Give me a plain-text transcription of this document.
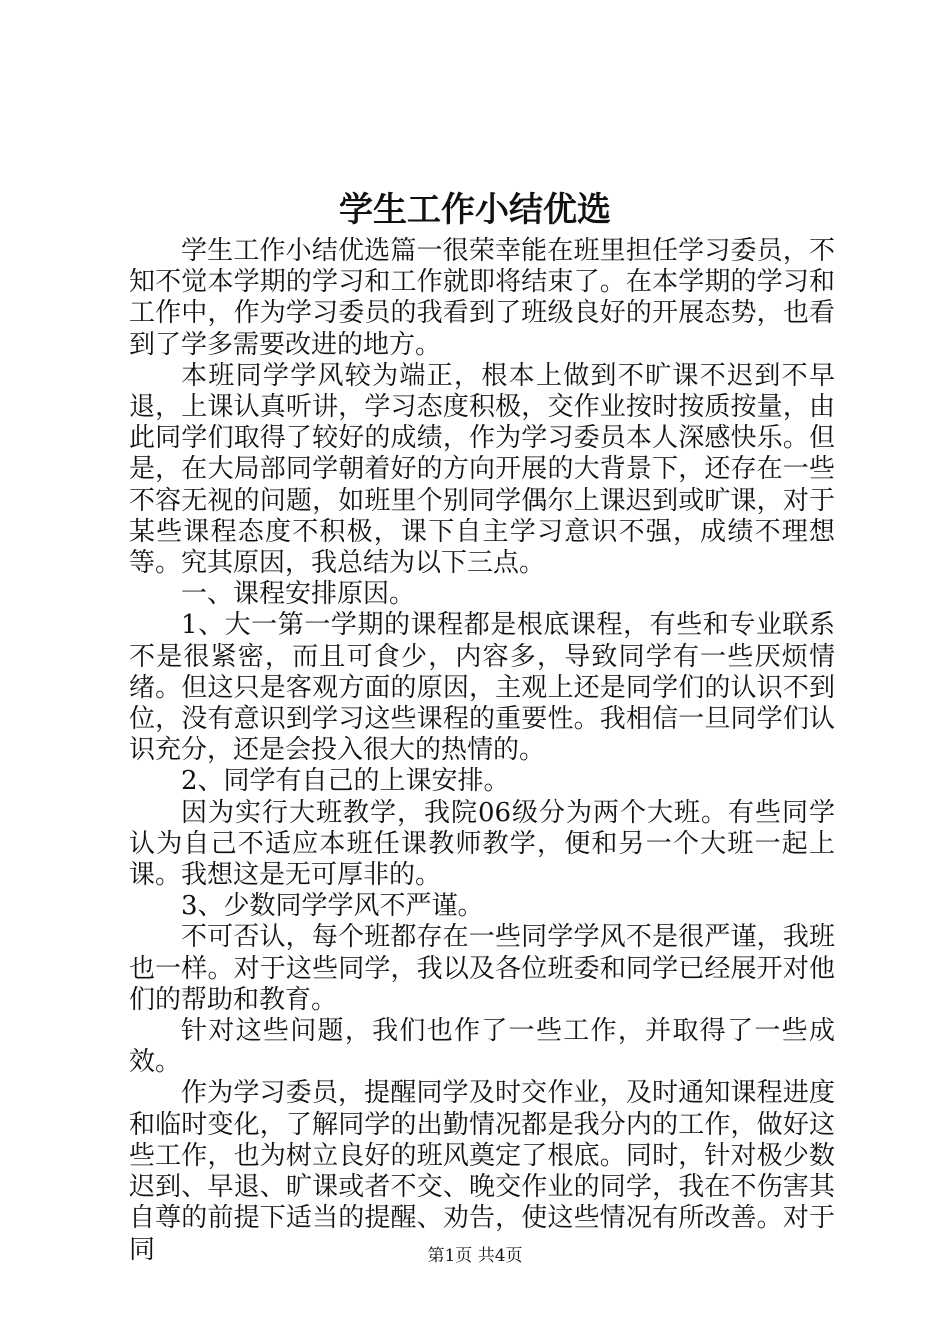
学生工作小结优选

学生工作小结优选篇一很荣幸能在班里担任学习委员，不知不觉本学期的学习和工作就即将结束了。在本学期的学习和工作中，作为学习委员的我看到了班级良好的开展态势，也看到了学多需要改进的地方。

本班同学学风较为端正，根本上做到不旷课不迟到不早退，上课认真听讲，学习态度积极，交作业按时按质按量，由此同学们取得了较好的成绩，作为学习委员本人深感快乐。但是，在大局部同学朝着好的方向开展的大背景下，还存在一些不容无视的问题，如班里个别同学偶尔上课迟到或旷课，对于某些课程态度不积极，课下自主学习意识不强，成绩不理想等。究其原因，我总结为以下三点。

一、课程安排原因。

1、大一第一学期的课程都是根底课程，有些和专业联系不是很紧密，而且可食少，内容多，导致同学有一些厌烦情绪。但这只是客观方面的原因，主观上还是同学们的认识不到位，没有意识到学习这些课程的重要性。我相信一旦同学们认识充分，还是会投入很大的热情的。

2、同学有自己的上课安排。

因为实行大班教学，我院06级分为两个大班。有些同学认为自己不适应本班任课教师教学，便和另一个大班一起上课。我想这是无可厚非的。

3、少数同学学风不严谨。

不可否认，每个班都存在一些同学学风不是很严谨，我班也一样。对于这些同学，我以及各位班委和同学已经展开对他们的帮助和教育。

针对这些问题，我们也作了一些工作，并取得了一些成效。

作为学习委员，提醒同学及时交作业，及时通知课程进度和临时变化，了解同学的出勤情况都是我分内的工作，做好这些工作，也为树立良好的班风奠定了根底。同时，针对极少数迟到、早退、旷课或者不交、晚交作业的同学，我在不伤害其自尊的前提下适当的提醒、劝告，使这些情况有所改善。对于同	第1页 共4页
